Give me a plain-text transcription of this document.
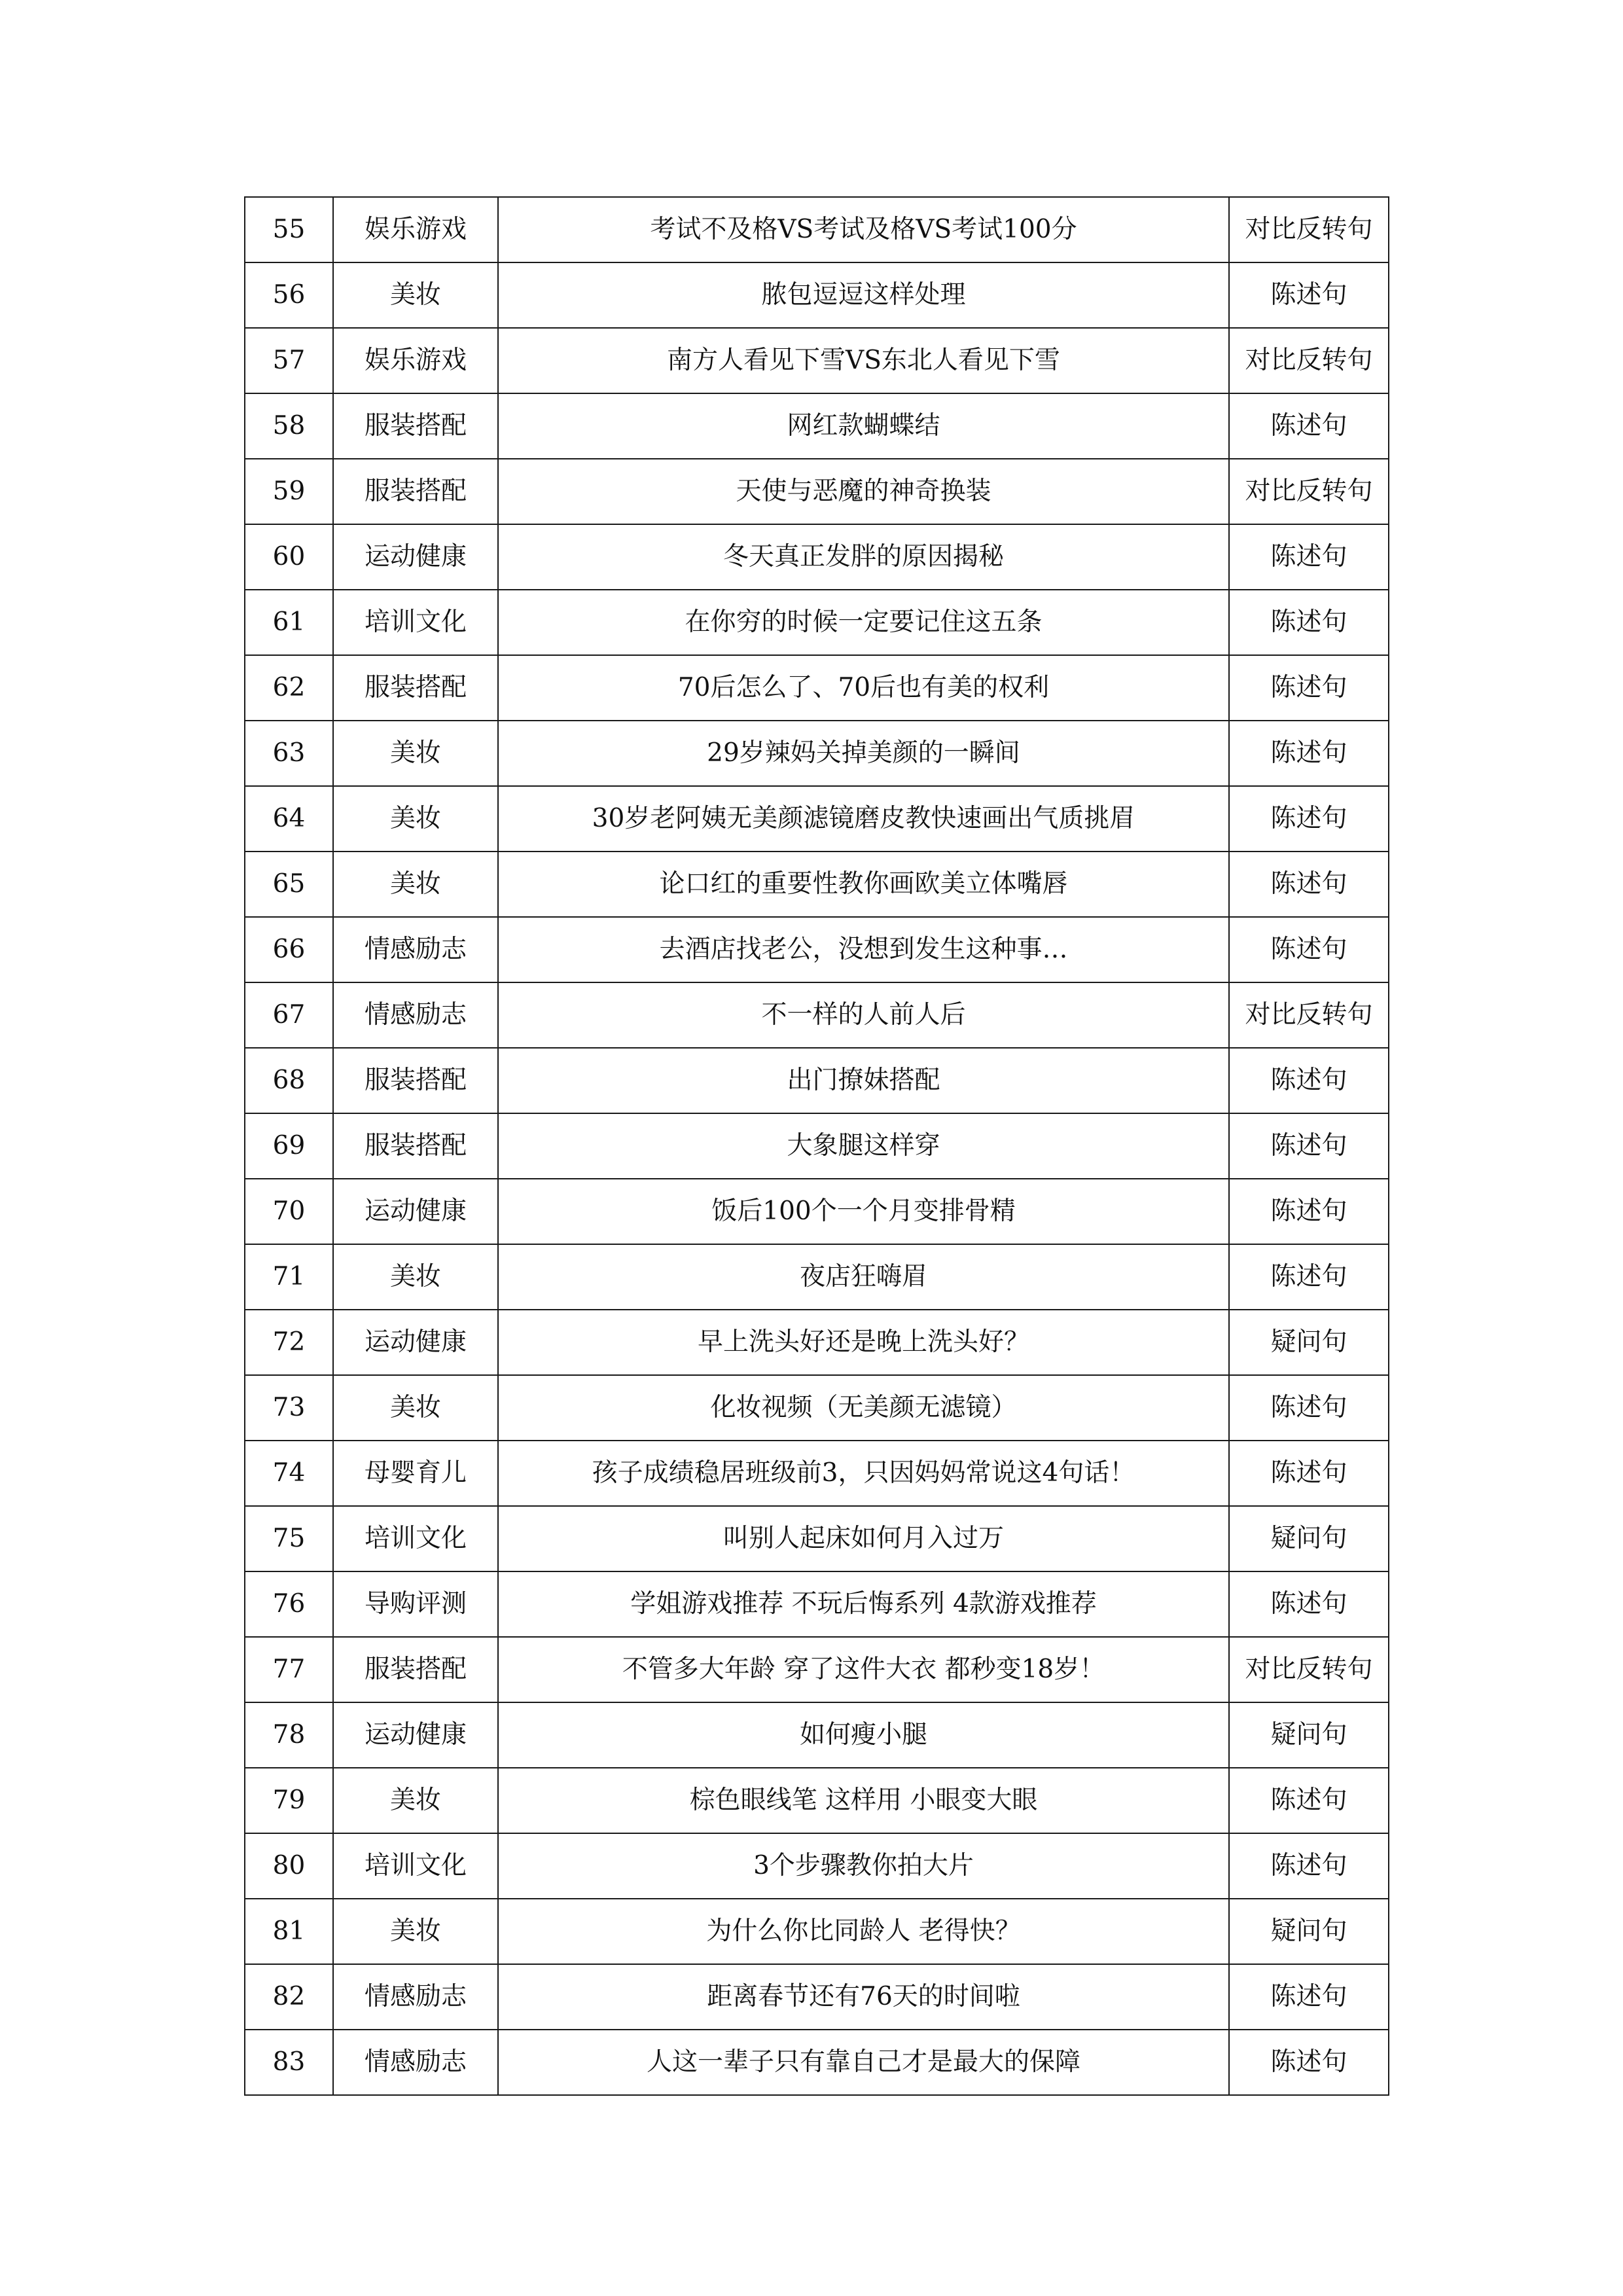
55	娱乐游戏	考试不及格VS考试及格VS考试100分	对比反转句
56	美妆	脓包逗逗这样处理	陈述句
57	娱乐游戏	南方人看见下雪VS东北人看见下雪	对比反转句
58	服装搭配	网红款蝴蝶结	陈述句
59	服装搭配	天使与恶魔的神奇换装	对比反转句
60	运动健康	冬天真正发胖的原因揭秘	陈述句
61	培训文化	在你穷的时候一定要记住这五条	陈述句
62	服装搭配	70后怎么了、70后也有美的权利	陈述句
63	美妆	29岁辣妈关掉美颜的一瞬间	陈述句
64	美妆	30岁老阿姨无美颜滤镜磨皮教快速画出气质挑眉	陈述句
65	美妆	论口红的重要性教你画欧美立体嘴唇	陈述句
66	情感励志	去酒店找老公，没想到发生这种事…	陈述句
67	情感励志	不一样的人前人后	对比反转句
68	服装搭配	出门撩妹搭配	陈述句
69	服装搭配	大象腿这样穿	陈述句
70	运动健康	饭后100个一个月变排骨精	陈述句
71	美妆	夜店狂嗨眉	陈述句
72	运动健康	早上洗头好还是晚上洗头好？	疑问句
73	美妆	化妆视频（无美颜无滤镜）	陈述句
74	母婴育儿	孩子成绩稳居班级前3，只因妈妈常说这4句话！	陈述句
75	培训文化	叫别人起床如何月入过万	疑问句
76	导购评测	学姐游戏推荐 不玩后悔系列 4款游戏推荐	陈述句
77	服装搭配	不管多大年龄 穿了这件大衣 都秒变18岁！	对比反转句
78	运动健康	如何瘦小腿	疑问句
79	美妆	棕色眼线笔 这样用 小眼变大眼	陈述句
80	培训文化	3个步骤教你拍大片	陈述句
81	美妆	为什么你比同龄人 老得快？	疑问句
82	情感励志	距离春节还有76天的时间啦	陈述句
83	情感励志	人这一辈子只有靠自己才是最大的保障	陈述句
